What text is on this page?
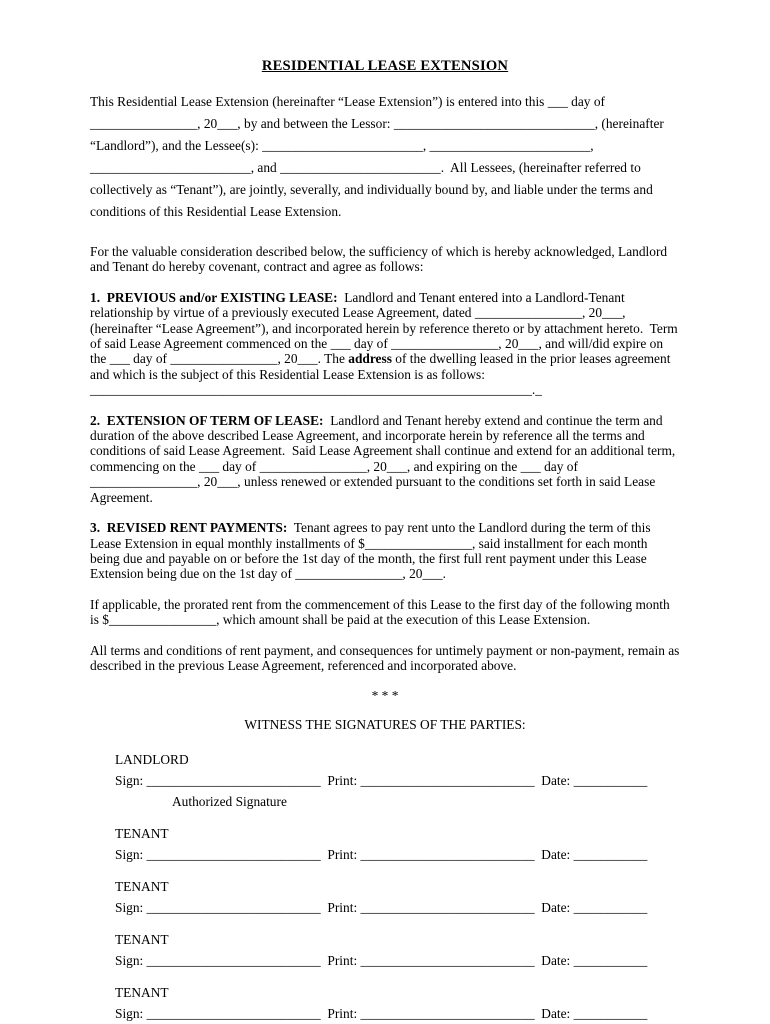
RESIDENTIAL LEASE EXTENSION

This Residential Lease Extension (hereinafter “Lease Extension”) is entered into this ___ day of ________________, 20___, by and between the Lessor: ______________________________, (hereinafter “Landlord”), and the Lessee(s): ________________________, ________________________, ________________________, and ________________________.  All Lessees, (hereinafter referred to collectively as “Tenant”), are jointly, severally, and individually bound by, and liable under the terms and conditions of this Residential Lease Extension.

For the valuable consideration described below, the sufficiency of which is hereby acknowledged, Landlord and Tenant do hereby covenant, contract and agree as follows:

1.  PREVIOUS and/or EXISTING LEASE:  Landlord and Tenant entered into a Landlord-Tenant relationship by virtue of a previously executed Lease Agreement, dated ________________, 20___, (hereinafter “Lease Agreement”), and incorporated herein by reference thereto or by attachment hereto.  Term of said Lease Agreement commenced on the ___ day of ________________, 20___, and will/did expire on the ___ day of ________________, 20___. The address of the dwelling leased in the prior leases agreement and which is the subject of this Residential Lease Extension is as follows: __________________________________________________________________._

2.  EXTENSION OF TERM OF LEASE:  Landlord and Tenant hereby extend and continue the term and duration of the above described Lease Agreement, and incorporate herein by reference all the terms and conditions of said Lease Agreement.  Said Lease Agreement shall continue and extend for an additional term, commencing on the ___ day of ________________, 20___, and expiring on the ___ day of ________________, 20___, unless renewed or extended pursuant to the conditions set forth in said Lease Agreement.

3.  REVISED RENT PAYMENTS:  Tenant agrees to pay rent unto the Landlord during the term of this Lease Extension in equal monthly installments of $________________, said installment for each month being due and payable on or before the 1st day of the month, the first full rent payment under this Lease Extension being due on the 1st day of ________________, 20___.

If applicable, the prorated rent from the commencement of this Lease to the first day of the following month is $________________, which amount shall be paid at the execution of this Lease Extension.

All terms and conditions of rent payment, and consequences for untimely payment or non-payment, remain as described in the previous Lease Agreement, referenced and incorporated above.

* * *
WITNESS THE SIGNATURES OF THE PARTIES:
LANDLORD
Sign: __________________________  Print: __________________________  Date: ___________
Authorized Signature
TENANT
Sign: __________________________  Print: __________________________  Date: ___________
TENANT
Sign: __________________________  Print: __________________________  Date: ___________
TENANT
Sign: __________________________  Print: __________________________  Date: ___________
TENANT
Sign: __________________________  Print: __________________________  Date: ___________
